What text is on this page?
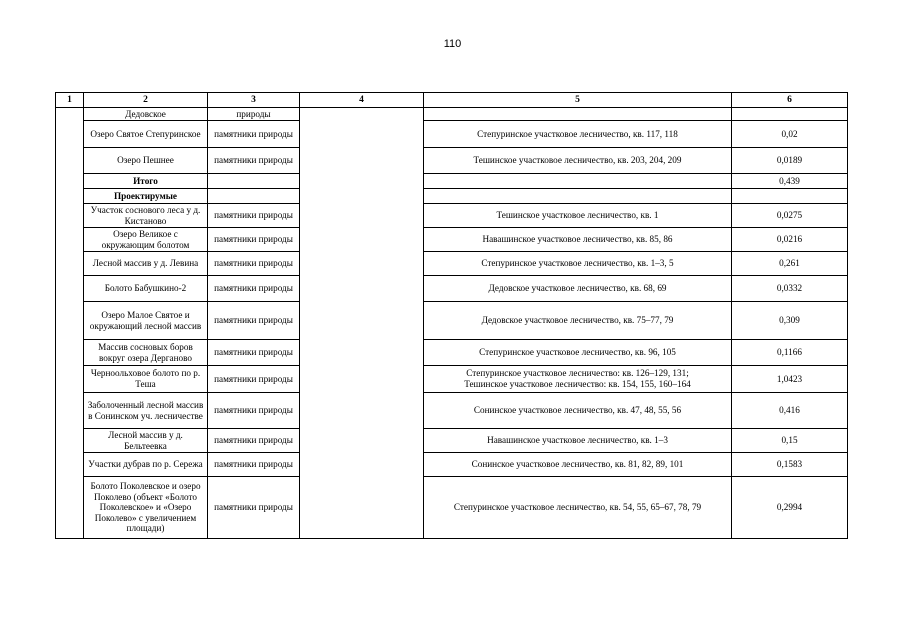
110
1	2	3	4	5	6
	Дедовское	природы			
	Озеро Святое Степуринское	памятники природы		Степуринское участковое лесничество, кв. 117, 118	0,02
	Озеро Пешнее	памятники природы		Тешинское участковое лесничество, кв. 203, 204, 209	0,0189
	Итого				0,439
	Проектирумые				
	Участок соснового леса у д. Кистаново	памятники природы		Тешинское участковое лесничество, кв. 1	0,0275
	Озеро Великое с окружающим болотом	памятники природы		Навашинское участковое лесничество, кв. 85, 86	0,0216
	Лесной массив у д. Левина	памятники природы		Степуринское участковое лесничество, кв. 1–3, 5	0,261
	Болото Бабушкино-2	памятники природы		Дедовское участковое лесничество, кв. 68, 69	0,0332
	Озеро Малое Святое и окружающий лесной массив	памятники природы		Дедовское участковое лесничество, кв. 75–77, 79	0,309
	Массив сосновых боров вокруг озера Дерганово	памятники природы		Степуринское участковое лесничество, кв. 96, 105	0,1166
	Черноольховое болото по р. Теша	памятники природы		Степуринское участковое лесничество: кв. 126–129, 131;
Тешинское участковое лесничество: кв. 154, 155, 160–164	1,0423
	Заболоченный лесной массив в Сонинском уч. лесничестве	памятники природы		Сонинское участковое лесничество, кв. 47, 48, 55, 56	0,416
	Лесной массив у д. Бельтеевка	памятники природы		Навашинское участковое лесничество, кв. 1–3	0,15
	Участки дубрав по р. Сережа	памятники природы		Сонинское участковое лесничество, кв. 81, 82, 89, 101	0,1583
	Болото Поколевское и озеро Поколево (объект «Болото Поколевское» и «Озеро Поколево» с увеличением площади)	памятники природы		Степуринское участковое лесничество, кв. 54, 55, 65–67, 78, 79	0,2994
